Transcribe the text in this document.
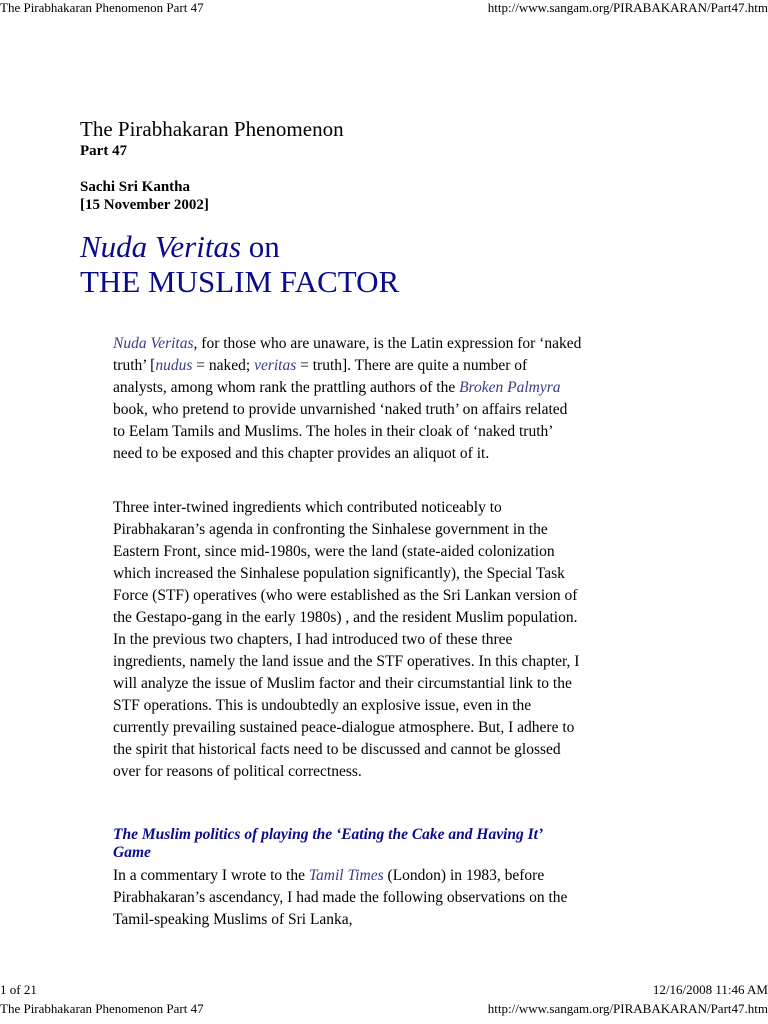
The Pirabhakaran Phenomenon Part 47	http://www.sangam.org/PIRABAKARAN/Part47.htm
The Pirabhakaran Phenomenon
Part 47
Sachi Sri Kantha
[15 November 2002]
Nuda Veritas on
THE MUSLIM FACTOR
Nuda Veritas, for those who are unaware, is the Latin expression for ‘naked truth’ [nudus = naked; veritas = truth]. There are quite a number of analysts, among whom rank the prattling authors of the Broken Palmyra book, who pretend to provide unvarnished ‘naked truth’ on affairs related to Eelam Tamils and Muslims. The holes in their cloak of ‘naked truth’ need to be exposed and this chapter provides an aliquot of it.
Three inter-twined ingredients which contributed noticeably to Pirabhakaran’s agenda in confronting the Sinhalese government in the Eastern Front, since mid-1980s, were the land (state-aided colonization which increased the Sinhalese population significantly), the Special Task Force (STF) operatives (who were established as the Sri Lankan version of the Gestapo-gang in the early 1980s) , and the resident Muslim population. In the previous two chapters, I had introduced two of these three ingredients, namely the land issue and the STF operatives. In this chapter, I will analyze the issue of Muslim factor and their circumstantial link to the STF operations. This is undoubtedly an explosive issue, even in the currently prevailing sustained peace-dialogue atmosphere. But, I adhere to the spirit that historical facts need to be discussed and cannot be glossed over for reasons of political correctness.
The Muslim politics of playing the ‘Eating the Cake and Having It’ Game
In a commentary I wrote to the Tamil Times (London) in 1983, before Pirabhakaran’s ascendancy, I had made the following observations on the Tamil-speaking Muslims of Sri Lanka,
1 of 21	12/16/2008 11:46 AM
The Pirabhakaran Phenomenon Part 47	http://www.sangam.org/PIRABAKARAN/Part47.htm
